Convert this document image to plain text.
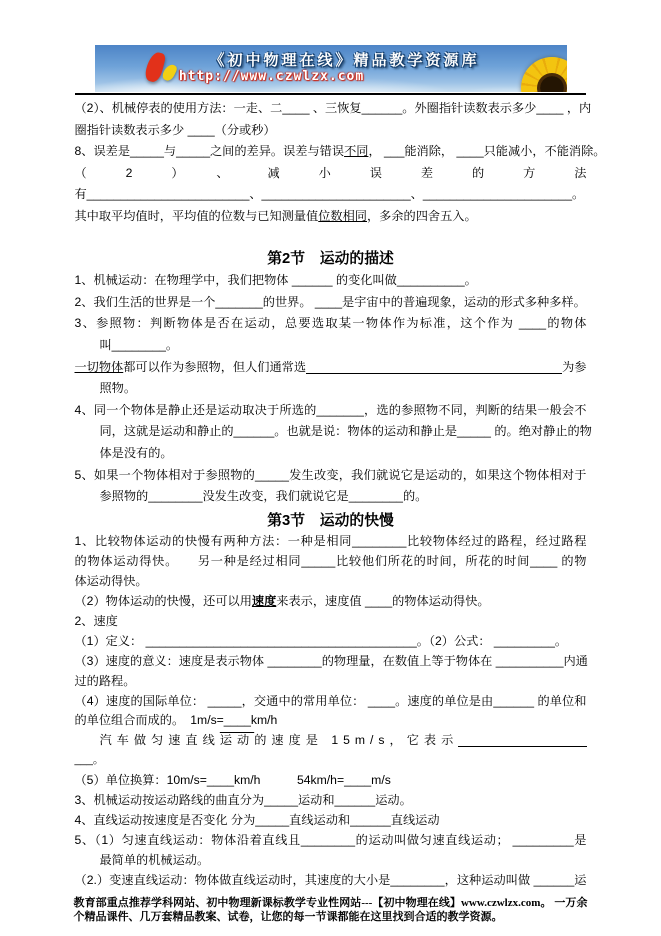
《初中物理在线》精品教学资源库
http://www.czwlzx.com
（2）、机械停表的使用方法：一走、二____ 、三恢复______。外圈指针读数表示多少____ ，内
圈指针读数表示多少 ____（分或秒）
8、误差是_____与_____之间的差异。误差与错误不同， ___能消除， ____只能减小，不能消除。
（2）、减小误差的方法
有________________________、______________________、______________________。
其中取平均值时，平均值的位数与已知测量值位数相同，多余的四舍五入。
第2节　运动的描述
1、机械运动：在物理学中，我们把物体 ______ 的变化叫做__________。
2、我们生活的世界是一个_______的世界。 ____是宇宙中的普遍现象，运动的形式多种多样。
3、参照物：判断物体是否在运动，总要选取某一物体作为标准，这个作为 ____的物体
叫________。
一切物体 都可以作为参照物，但人们通常选	为参
照物。
4、同一个物体是静止还是运动取决于所选的_______，选的参照物不同，判断的结果一般会不
同，这就是运动和静止的______。也就是说：物体的运动和静止是_____ 的。绝对静止的物
体是没有的。
5、如果一个物体相对于参照物的_____发生改变，我们就说它是运动的，如果这个物体相对于
参照物的________没发生改变，我们就说它是________的。
第3节　运动的快慢
1、比较物体运动的快慢有两种方法：一种是相同________比较物体经过的路程，经过路程
的物体运动得快。　　另一种是经过相同_____比较他们所花的时间，所花的时间____ 的物
体运动得快。
（2）物体运动的快慢，还可以用速度来表示，速度值 ____的物体运动得快。
2、速度
（1）定义： ________________________________________。（2）公式： _________。
（3）速度的意义：速度是表示物体 ________的物理量，在数值上等于物体在 __________内通
过的路程。
（4）速度的国际单位： _____，交通中的常用单位： ____。速度的单位是由______ 的单位和
的单位组合而成的。　1m/s=____km/h
汽车做匀速直线 运动 的速度是 15m/s，它表示
___。
（5）单位换算：10m/s=____km/h　　　54km/h=____m/s
3、机械运动按运动路线的曲直分为_____运动和______运动。
4、直线运动按速度是否变化 分为_____直线运动和______直线运动
5、（1）匀速直线运动：物体沿着直线且________的运动叫做匀速直线运动； _________是
最简单的机械运动。
（2.）变速直线运动：物体做直线运动时，其速度的大小是________，这种运动叫做 ______运
教育部重点推荐学科网站、初中物理新课标教学专业性网站---【初中物理在线】www.czwlzx.com。 一万余个精品课件、几万套精品教案、试卷，让您的每一节课都能在这里找到合适的教学资源。
